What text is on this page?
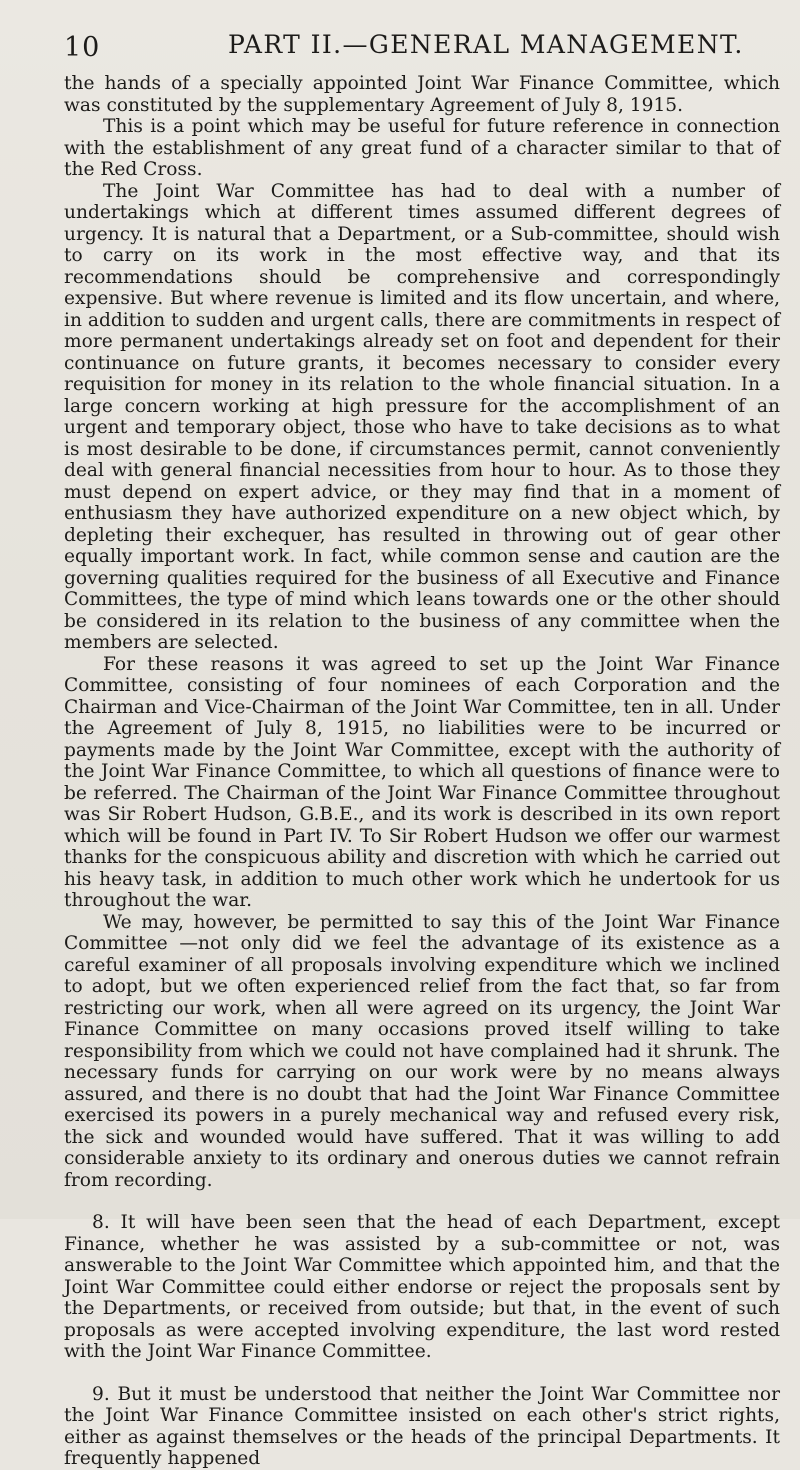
10	PART II.—GENERAL MANAGEMENT.

the hands of a specially appointed Joint War Finance Committee, which was constituted by the supplementary Agreement of July 8, 1915.

This is a point which may be useful for future reference in connection with the establishment of any great fund of a character similar to that of the Red Cross.

The Joint War Committee has had to deal with a number of undertakings which at different times assumed different degrees of urgency. It is natural that a Department, or a Sub-committee, should wish to carry on its work in the most effective way, and that its recommendations should be comprehensive and correspondingly expensive. But where revenue is limited and its flow uncertain, and where, in addition to sudden and urgent calls, there are commitments in respect of more permanent undertakings already set on foot and dependent for their continuance on future grants, it becomes necessary to consider every requisition for money in its relation to the whole financial situation. In a large concern working at high pressure for the accomplishment of an urgent and temporary object, those who have to take decisions as to what is most desirable to be done, if circumstances permit, cannot conveniently deal with general financial necessities from hour to hour. As to those they must depend on expert advice, or they may find that in a moment of enthusiasm they have authorized expenditure on a new object which, by depleting their exchequer, has resulted in throwing out of gear other equally important work. In fact, while common sense and caution are the governing qualities required for the business of all Executive and Finance Committees, the type of mind which leans towards one or the other should be considered in its relation to the business of any committee when the members are selected.

For these reasons it was agreed to set up the Joint War Finance Committee, consisting of four nominees of each Corporation and the Chairman and Vice-Chairman of the Joint War Committee, ten in all. Under the Agreement of July 8, 1915, no liabilities were to be incurred or payments made by the Joint War Committee, except with the authority of the Joint War Finance Committee, to which all questions of finance were to be referred. The Chairman of the Joint War Finance Committee throughout was Sir Robert Hudson, G.B.E., and its work is described in its own report which will be found in Part IV. To Sir Robert Hudson we offer our warmest thanks for the conspicuous ability and discretion with which he carried out his heavy task, in addition to much other work which he undertook for us throughout the war.

We may, however, be permitted to say this of the Joint War Finance Committee —not only did we feel the advantage of its existence as a careful examiner of all proposals involving expenditure which we inclined to adopt, but we often experienced relief from the fact that, so far from restricting our work, when all were agreed on its urgency, the Joint War Finance Committee on many occasions proved itself willing to take responsibility from which we could not have complained had it shrunk. The necessary funds for carrying on our work were by no means always assured, and there is no doubt that had the Joint War Finance Committee exercised its powers in a purely mechanical way and refused every risk, the sick and wounded would have suffered. That it was willing to add considerable anxiety to its ordinary and onerous duties we cannot refrain from recording.

8. It will have been seen that the head of each Department, except Finance, whether he was assisted by a sub-committee or not, was answerable to the Joint War Committee which appointed him, and that the Joint War Committee could either endorse or reject the proposals sent by the Departments, or received from outside; but that, in the event of such proposals as were accepted involving expenditure, the last word rested with the Joint War Finance Committee.

9. But it must be understood that neither the Joint War Committee nor the Joint War Finance Committee insisted on each other's strict rights, either as against themselves or the heads of the principal Departments. It frequently happened
